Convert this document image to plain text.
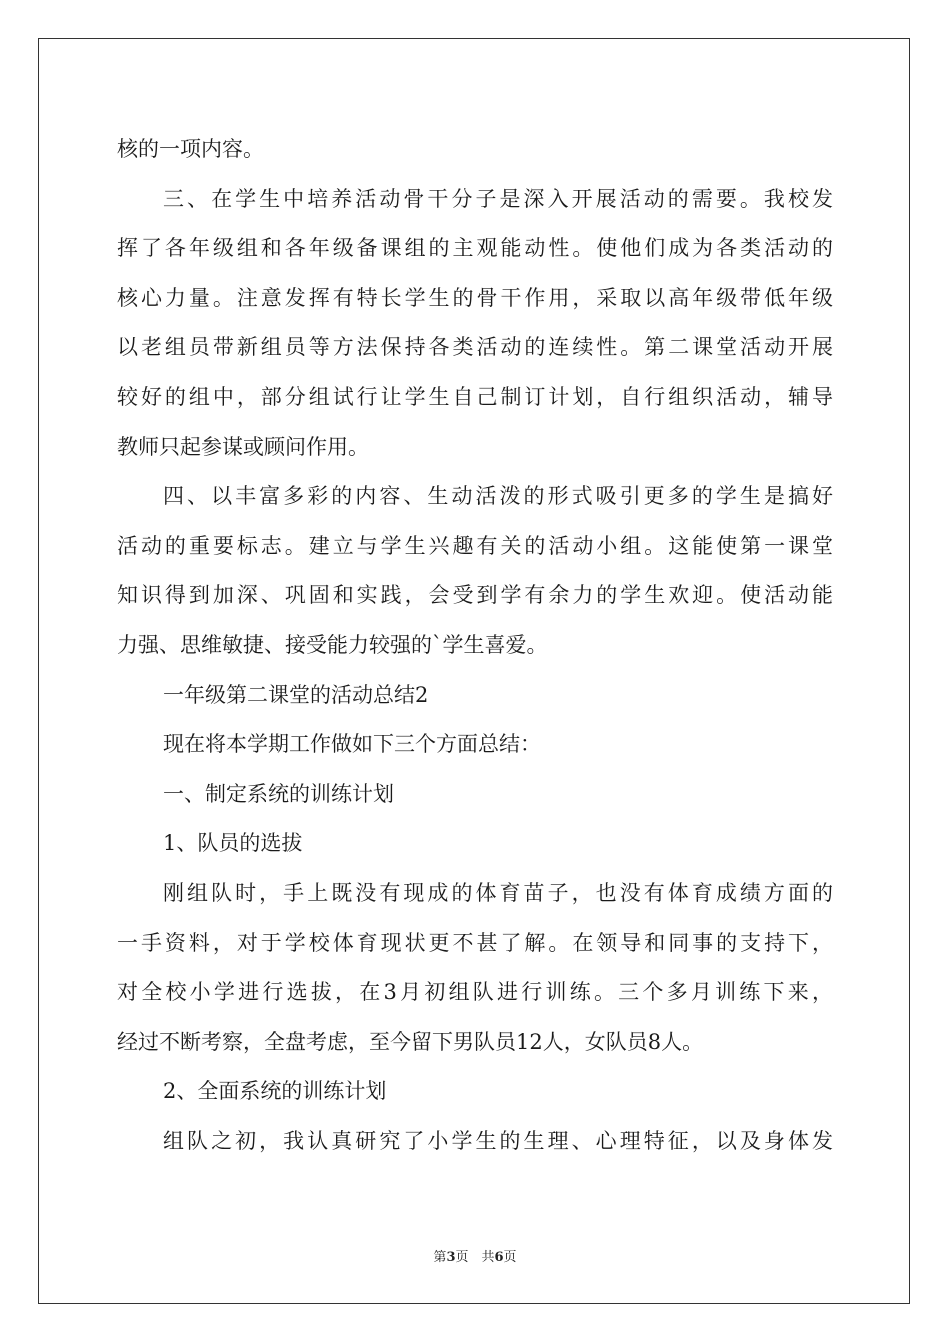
核的一项内容。
三、在学生中培养活动骨干分子是深入开展活动的需要。我校发
挥了各年级组和各年级备课组的主观能动性。使他们成为各类活动的
核心力量。注意发挥有特长学生的骨干作用，采取以高年级带低年级
以老组员带新组员等方法保持各类活动的连续性。第二课堂活动开展
较好的组中，部分组试行让学生自己制订计划，自行组织活动，辅导
教师只起参谋或顾问作用。
四、以丰富多彩的内容、生动活泼的形式吸引更多的学生是搞好
活动的重要标志。建立与学生兴趣有关的活动小组。这能使第一课堂
知识得到加深、巩固和实践，会受到学有余力的学生欢迎。使活动能
力强、思维敏捷、接受能力较强的`学生喜爱。
一年级第二课堂的活动总结2
现在将本学期工作做如下三个方面总结：
一、制定系统的训练计划
1、队员的选拔
刚组队时，手上既没有现成的体育苗子，也没有体育成绩方面的
一手资料，对于学校体育现状更不甚了解。在领导和同事的支持下，
对全校小学进行选拔，在3月初组队进行训练。三个多月训练下来，
经过不断考察，全盘考虑，至今留下男队员12人，女队员8人。
2、全面系统的训练计划
组队之初，我认真研究了小学生的生理、心理特征，以及身体发
第3页　共6页
